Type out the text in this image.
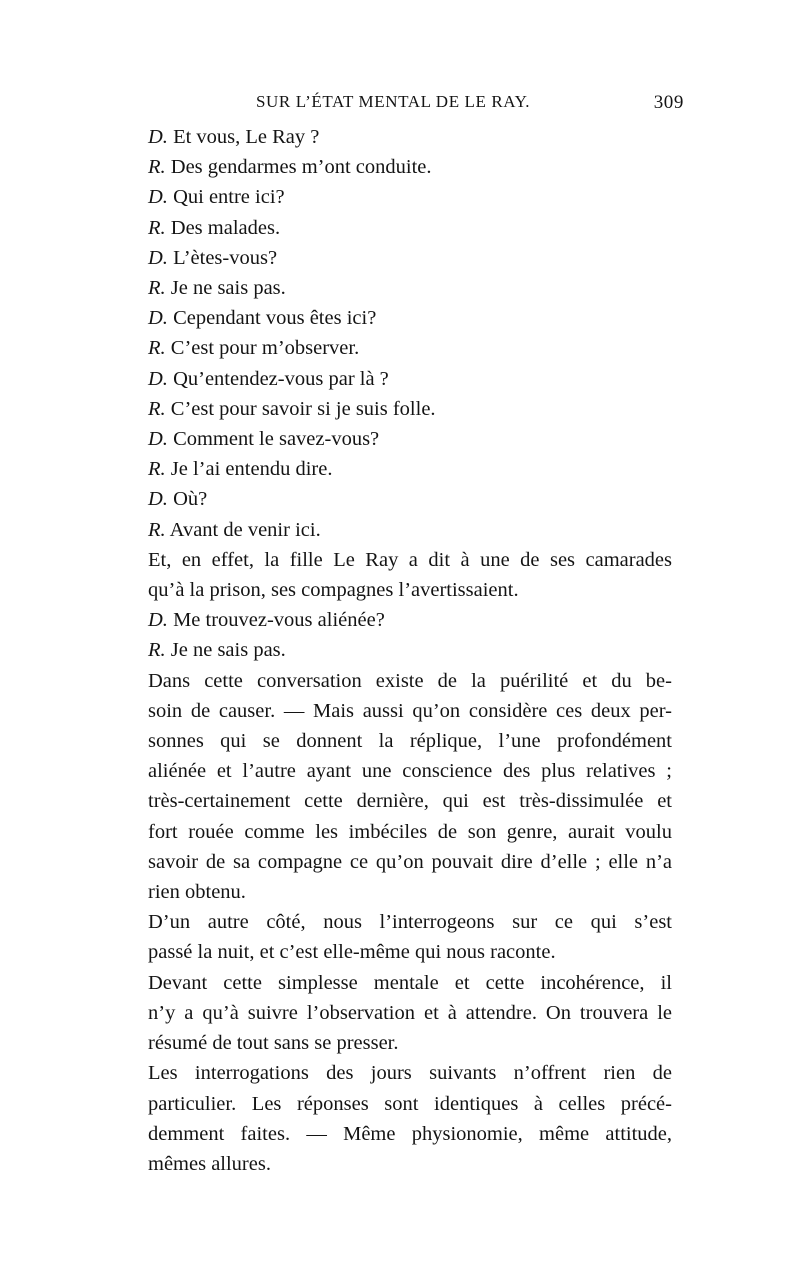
SUR L’ÉTAT MENTAL DE LE RAY.	309
D. Et vous, Le Ray ?
R. Des gendarmes m’ont conduite.
D. Qui entre ici?
R. Des malades.
D. L’ètes-vous?
R. Je ne sais pas.
D. Cependant vous êtes ici?
R. C’est pour m’observer.
D. Qu’entendez-vous par là ?
R. C’est pour savoir si je suis folle.
D. Comment le savez-vous?
R. Je l’ai entendu dire.
D. Où?
R. Avant de venir ici.
Et, en effet, la fille Le Ray a dit à une de ses camarades
qu’à la prison, ses compagnes l’avertissaient.
D. Me trouvez-vous aliénée?
R. Je ne sais pas.
Dans cette conversation existe de la puérilité et du be-
soin de causer. — Mais aussi qu’on considère ces deux per-
sonnes qui se donnent la réplique, l’une profondément
aliénée et l’autre ayant une conscience des plus relatives ;
très-certainement cette dernière, qui est très-dissimulée et
fort rouée comme les imbéciles de son genre, aurait voulu
savoir de sa compagne ce qu’on pouvait dire d’elle ; elle n’a
rien obtenu.
D’un autre côté, nous l’interrogeons sur ce qui s’est
passé la nuit, et c’est elle-même qui nous raconte.
Devant cette simplesse mentale et cette incohérence, il
n’y a qu’à suivre l’observation et à attendre. On trouvera le
résumé de tout sans se presser.
Les interrogations des jours suivants n’offrent rien de
particulier. Les réponses sont identiques à celles précé-
demment faites. — Même physionomie, même attitude,
mêmes allures.
